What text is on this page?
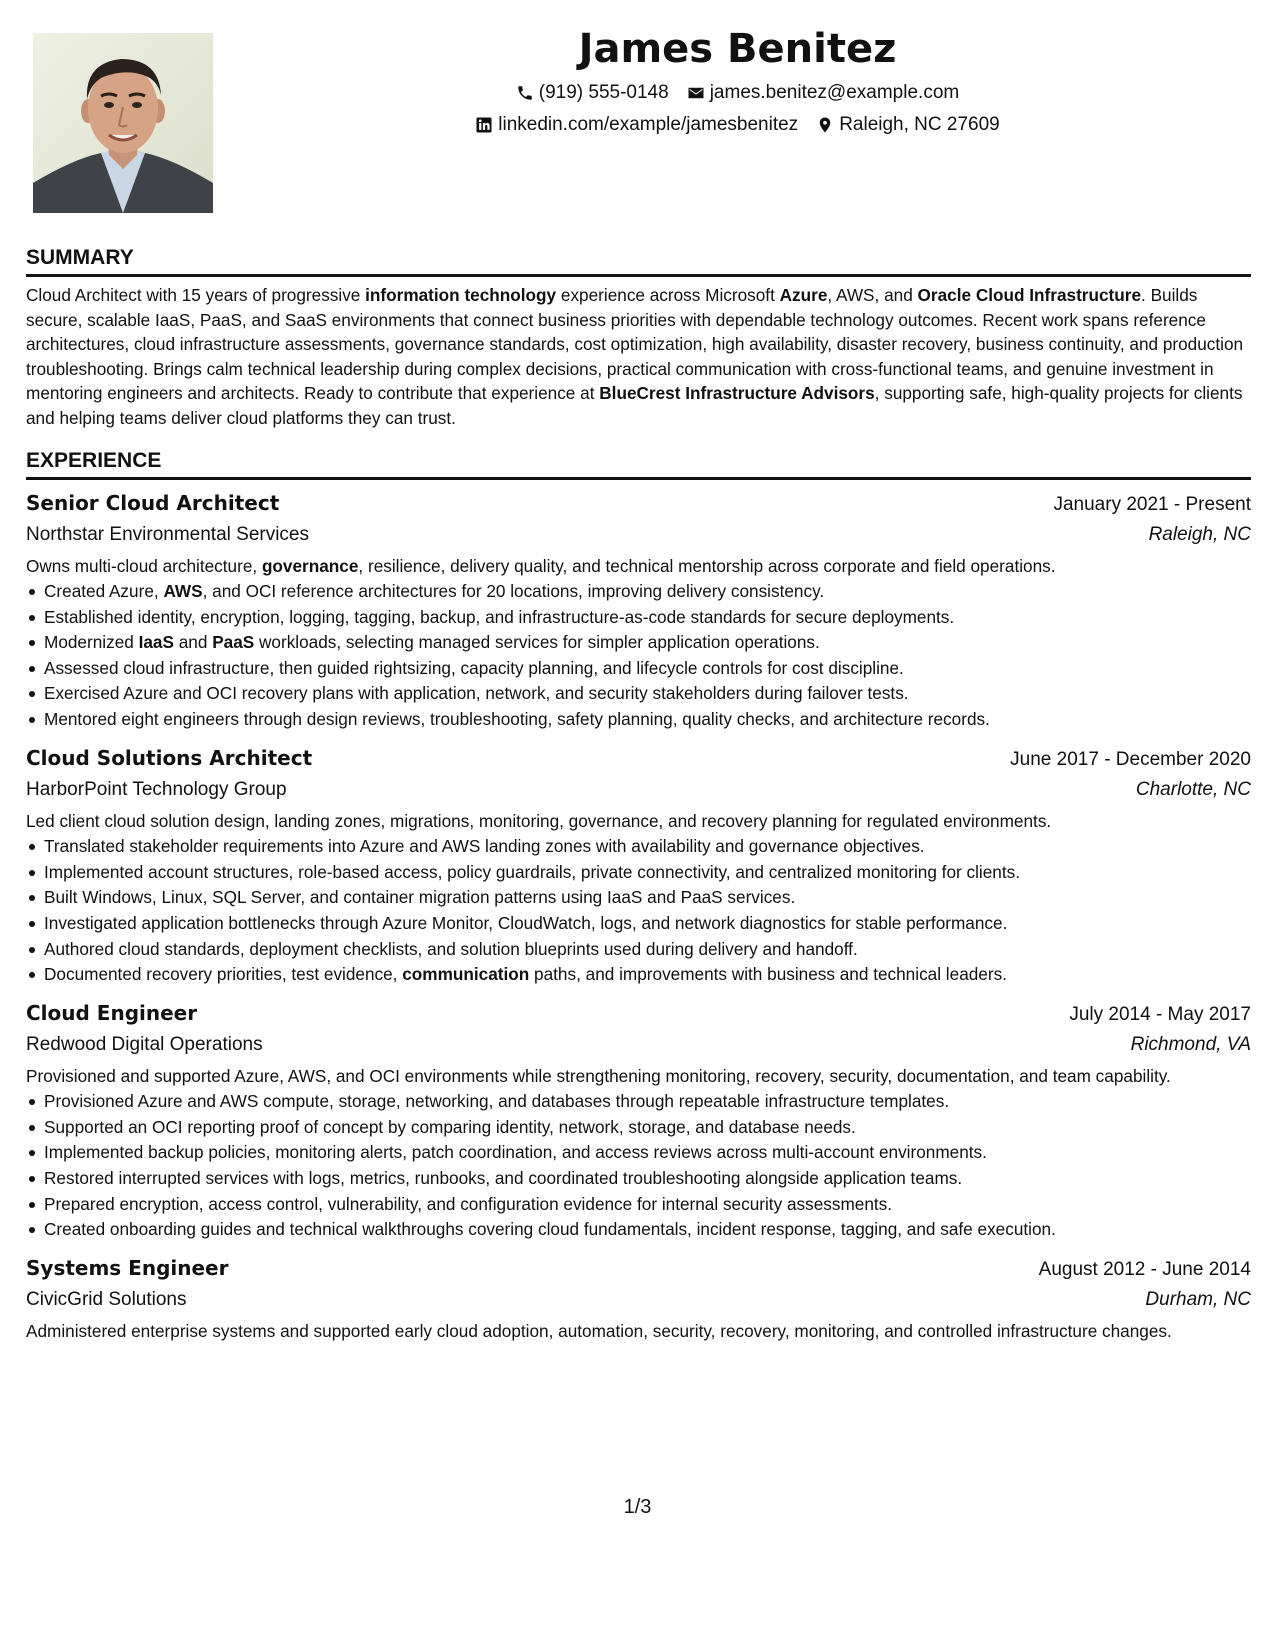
James Benitez
(919) 555-0148 james.benitez@example.com
linkedin.com/example/jamesbenitez Raleigh, NC 27609
SUMMARY

Cloud Architect with 15 years of progressive information technology experience across Microsoft Azure, AWS, and Oracle Cloud Infrastructure. Builds secure, scalable IaaS, PaaS, and SaaS environments that connect business priorities with dependable technology outcomes. Recent work spans reference architectures, cloud infrastructure assessments, governance standards, cost optimization, high availability, disaster recovery, business continuity, and production troubleshooting. Brings calm technical leadership during complex decisions, practical communication with cross-functional teams, and genuine investment in mentoring engineers and architects. Ready to contribute that experience at BlueCrest Infrastructure Advisors, supporting safe, high-quality projects for clients and helping teams deliver cloud platforms they can trust.

EXPERIENCE
Senior Cloud Architect	January 2021 - Present
Northstar Environmental Services	Raleigh, NC

Owns multi-cloud architecture, governance, resilience, delivery quality, and technical mentorship across corporate and field operations.

Created Azure, AWS, and OCI reference architectures for 20 locations, improving delivery consistency.
Established identity, encryption, logging, tagging, backup, and infrastructure-as-code standards for secure deployments.
Modernized IaaS and PaaS workloads, selecting managed services for simpler application operations.
Assessed cloud infrastructure, then guided rightsizing, capacity planning, and lifecycle controls for cost discipline.
Exercised Azure and OCI recovery plans with application, network, and security stakeholders during failover tests.
Mentored eight engineers through design reviews, troubleshooting, safety planning, quality checks, and architecture records.
Cloud Solutions Architect	June 2017 - December 2020
HarborPoint Technology Group	Charlotte, NC

Led client cloud solution design, landing zones, migrations, monitoring, governance, and recovery planning for regulated environments.

Translated stakeholder requirements into Azure and AWS landing zones with availability and governance objectives.
Implemented account structures, role-based access, policy guardrails, private connectivity, and centralized monitoring for clients.
Built Windows, Linux, SQL Server, and container migration patterns using IaaS and PaaS services.
Investigated application bottlenecks through Azure Monitor, CloudWatch, logs, and network diagnostics for stable performance.
Authored cloud standards, deployment checklists, and solution blueprints used during delivery and handoff.
Documented recovery priorities, test evidence, communication paths, and improvements with business and technical leaders.
Cloud Engineer	July 2014 - May 2017
Redwood Digital Operations	Richmond, VA

Provisioned and supported Azure, AWS, and OCI environments while strengthening monitoring, recovery, security, documentation, and team capability.

Provisioned Azure and AWS compute, storage, networking, and databases through repeatable infrastructure templates.
Supported an OCI reporting proof of concept by comparing identity, network, storage, and database needs.
Implemented backup policies, monitoring alerts, patch coordination, and access reviews across multi-account environments.
Restored interrupted services with logs, metrics, runbooks, and coordinated troubleshooting alongside application teams.
Prepared encryption, access control, vulnerability, and configuration evidence for internal security assessments.
Created onboarding guides and technical walkthroughs covering cloud fundamentals, incident response, tagging, and safe execution.
Systems Engineer	August 2012 - June 2014
CivicGrid Solutions	Durham, NC

Administered enterprise systems and supported early cloud adoption, automation, security, recovery, monitoring, and controlled infrastructure changes.

1/3
